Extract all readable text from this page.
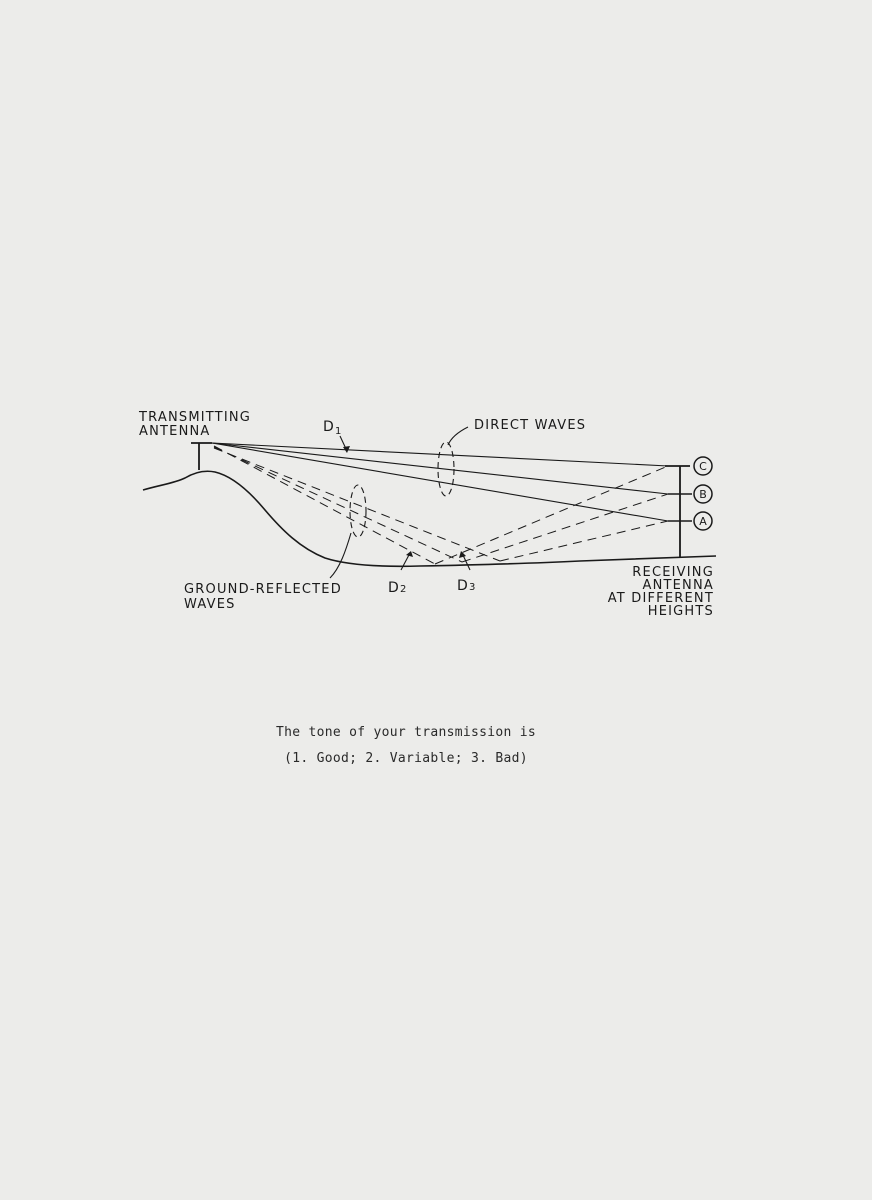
C
B
A
TRANSMITTING
ANTENNA	DIRECT WAVES
GROUND-REFLECTED
WAVES
RECEIVING
ANTENNA
AT DIFFERENT
HEIGHTS
D 1
D 2	D 3
The tone of your transmission is
(1. Good; 2. Variable; 3. Bad)
